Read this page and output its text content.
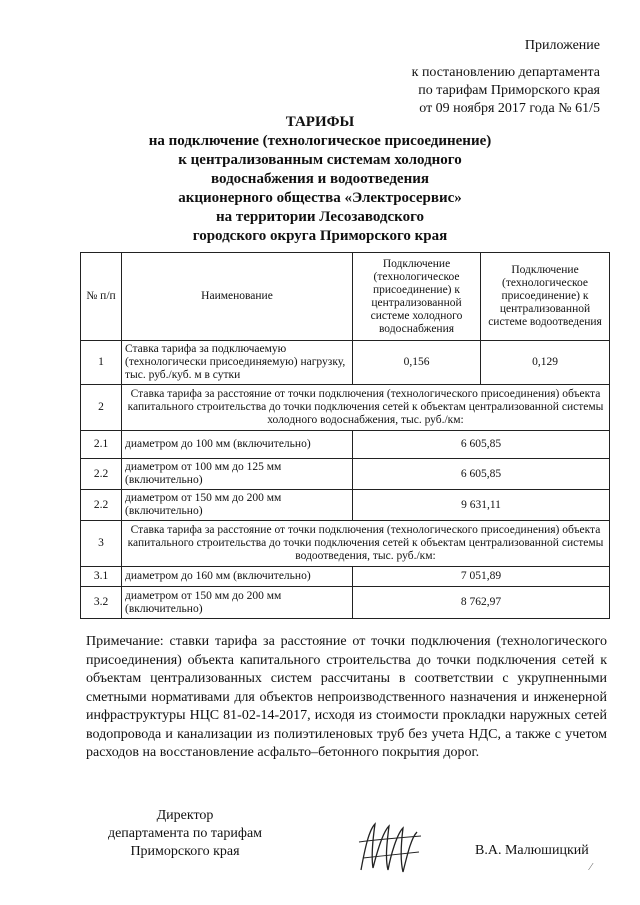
Приложение
к постановлению департамента
по тарифам Приморского края
от 09 ноября 2017 года № 61/5
ТАРИФЫ
на подключение (технологическое присоединение)
к централизованным системам холодного
водоснабжения и водоотведения
акционерного общества «Электросервис»
на территории Лесозаводского
городского округа Приморского края
№ п/п	Наименование	Подключение (технологическое присоединение) к централизованной системе холодного водоснабжения	Подключение (технологическое присоединение) к централизованной системе водоотведения
1	Ставка тарифа за подключаемую (технологически присоединяемую) нагрузку, тыс. руб./куб. м в сутки	0,156	0,129
2	Ставка тарифа за расстояние от точки подключения (технологического присоединения) объекта капитального строительства до точки подключения сетей к объектам централизованной системы холодного водоснабжения, тыс. руб./км:		
2.1	диаметром до 100 мм (включительно)	6 605,85	
2.2	диаметром от 100 мм до 125 мм (включительно)	6 605,85	
2.2	диаметром от 150 мм до 200 мм (включительно)	9 631,11	
3	Ставка тарифа за расстояние от точки подключения (технологического присоединения) объекта капитального строительства до точки подключения сетей к объектам централизованной системы водоотведения, тыс. руб./км:		
3.1	диаметром до 160 мм (включительно)	7 051,89	
3.2	диаметром от 150 мм до 200 мм (включительно)	8 762,97	
Примечание: ставки тарифа за расстояние от точки подключения (технологического присоединения) объекта капитального строительства до точки подключения сетей к объектам централизованных систем рассчитаны в соответствии с укрупненными сметными нормативами для объектов непроизводственного назначения и инженерной инфраструктуры НЦС 81-02-14-2017, исходя из стоимости прокладки наружных сетей водопровода и канализации из полиэтиленовых труб без учета НДС, а также с учетом расходов на восстановление асфальто–бетонного покрытия дорог.
Директор
департамента по тарифам
Приморского края	В.А. Малюшицкий
⁄
